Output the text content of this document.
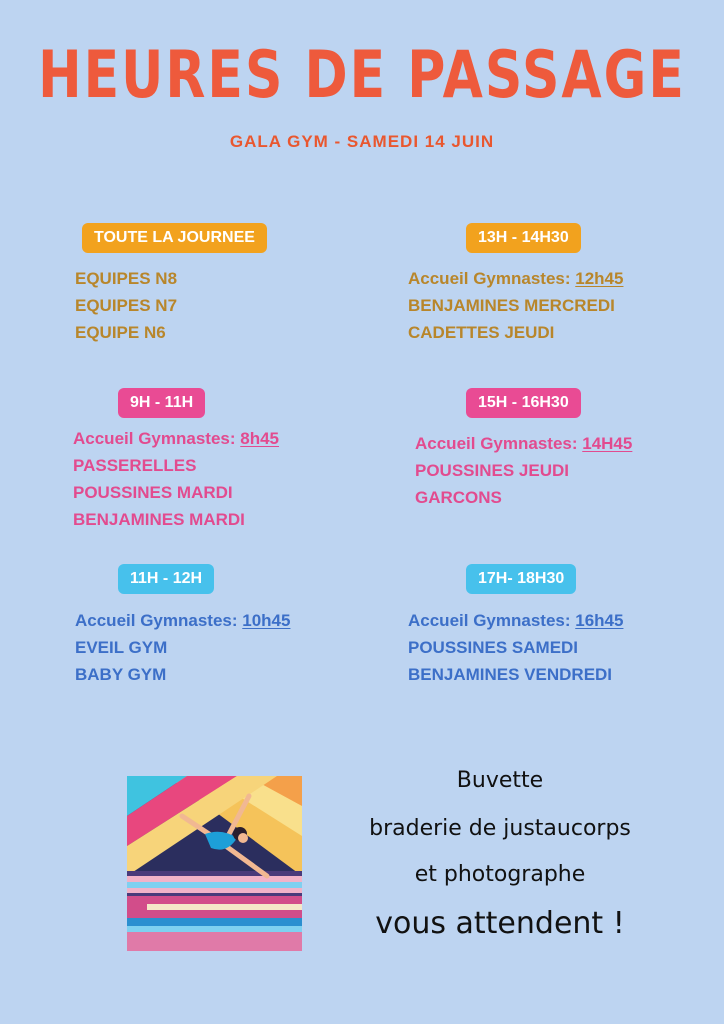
HEURES DE PASSAGE
GALA GYM - SAMEDI 14 JUIN
TOUTE LA JOURNEE
EQUIPES N8
EQUIPES N7
EQUIPE N6
13H - 14H30
Accueil Gymnastes: 12h45
BENJAMINES MERCREDI
CADETTES JEUDI
9H - 11H
Accueil Gymnastes: 8h45
PASSERELLES
POUSSINES MARDI
BENJAMINES MARDI
15H - 16H30
Accueil Gymnastes: 14H45
POUSSINES JEUDI
GARCONS
11H - 12H
Accueil Gymnastes: 10h45
EVEIL GYM
BABY GYM
17H- 18H30
Accueil Gymnastes: 16h45
POUSSINES SAMEDI
BENJAMINES VENDREDI
Buvette
braderie de justaucorps
et photographe
vous attendent !
